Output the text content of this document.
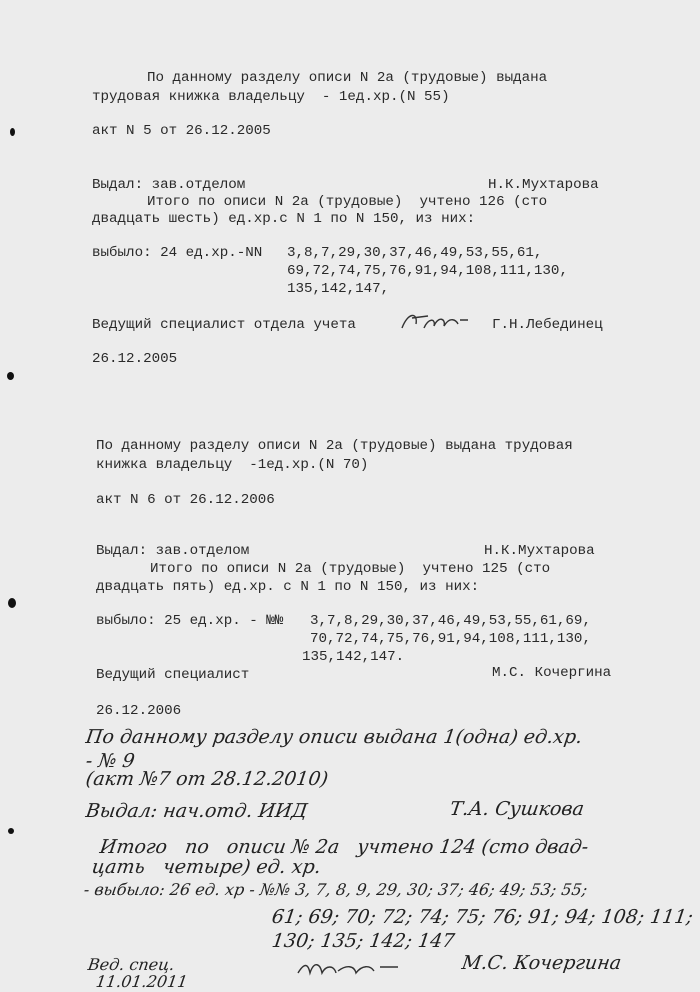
По данному разделу описи N 2а (трудовые) выдана
трудовая книжка владельцу  - 1ед.хр.(N 55)
акт N 5 от 26.12.2005
Выдал: зав.отделом	Н.К.Мухтарова
Итого по описи N 2а (трудовые)  учтено 126 (сто
двадцать шесть) ед.хр.с N 1 по N 150, из них:
выбыло: 24 ед.хр.-NN 3,8,7,29,30,37,46,49,53,55,61,
69,72,74,75,76,91,94,108,111,130,
135,142,147,
Ведущий специалист отдела учета	Г.Н.Лебединец
26.12.2005
По данному разделу описи N 2а (трудовые) выдана трудовая
книжка владельцу  -1ед.хр.(N 70)
акт N 6 от 26.12.2006
Выдал: зав.отделом	Н.К.Мухтарова
Итого по описи N 2а (трудовые)  учтено 125 (сто
двадцать пять) ед.хр. с N 1 по N 150, из них:
выбыло: 25 ед.хр. - №№ 3,7,8,29,30,37,46,49,53,55,61,69,
70,72,74,75,76,91,94,108,111,130,
135,142,147.
Ведущий специалист	М.С. Кочергина
26.12.2006
По данному разделу описи выдана 1(одна) ед.хр.
- № 9
(акт №7 от 28.12.2010)
Выдал: нач.отд. ИИД	Т.А. Сушкова
Итого   по   описи № 2а   учтено 124 (сто двад-
цать   четыре) ед. хр.
- выбыло: 26 ед. хр - №№ 3, 7, 8, 9, 29, 30; 37; 46; 49; 53; 55;
61; 69; 70; 72; 74; 75; 76; 91; 94; 108; 111;
130; 135; 142; 147
Вед. спец.
11.01.2011
М.С. Кочергина
